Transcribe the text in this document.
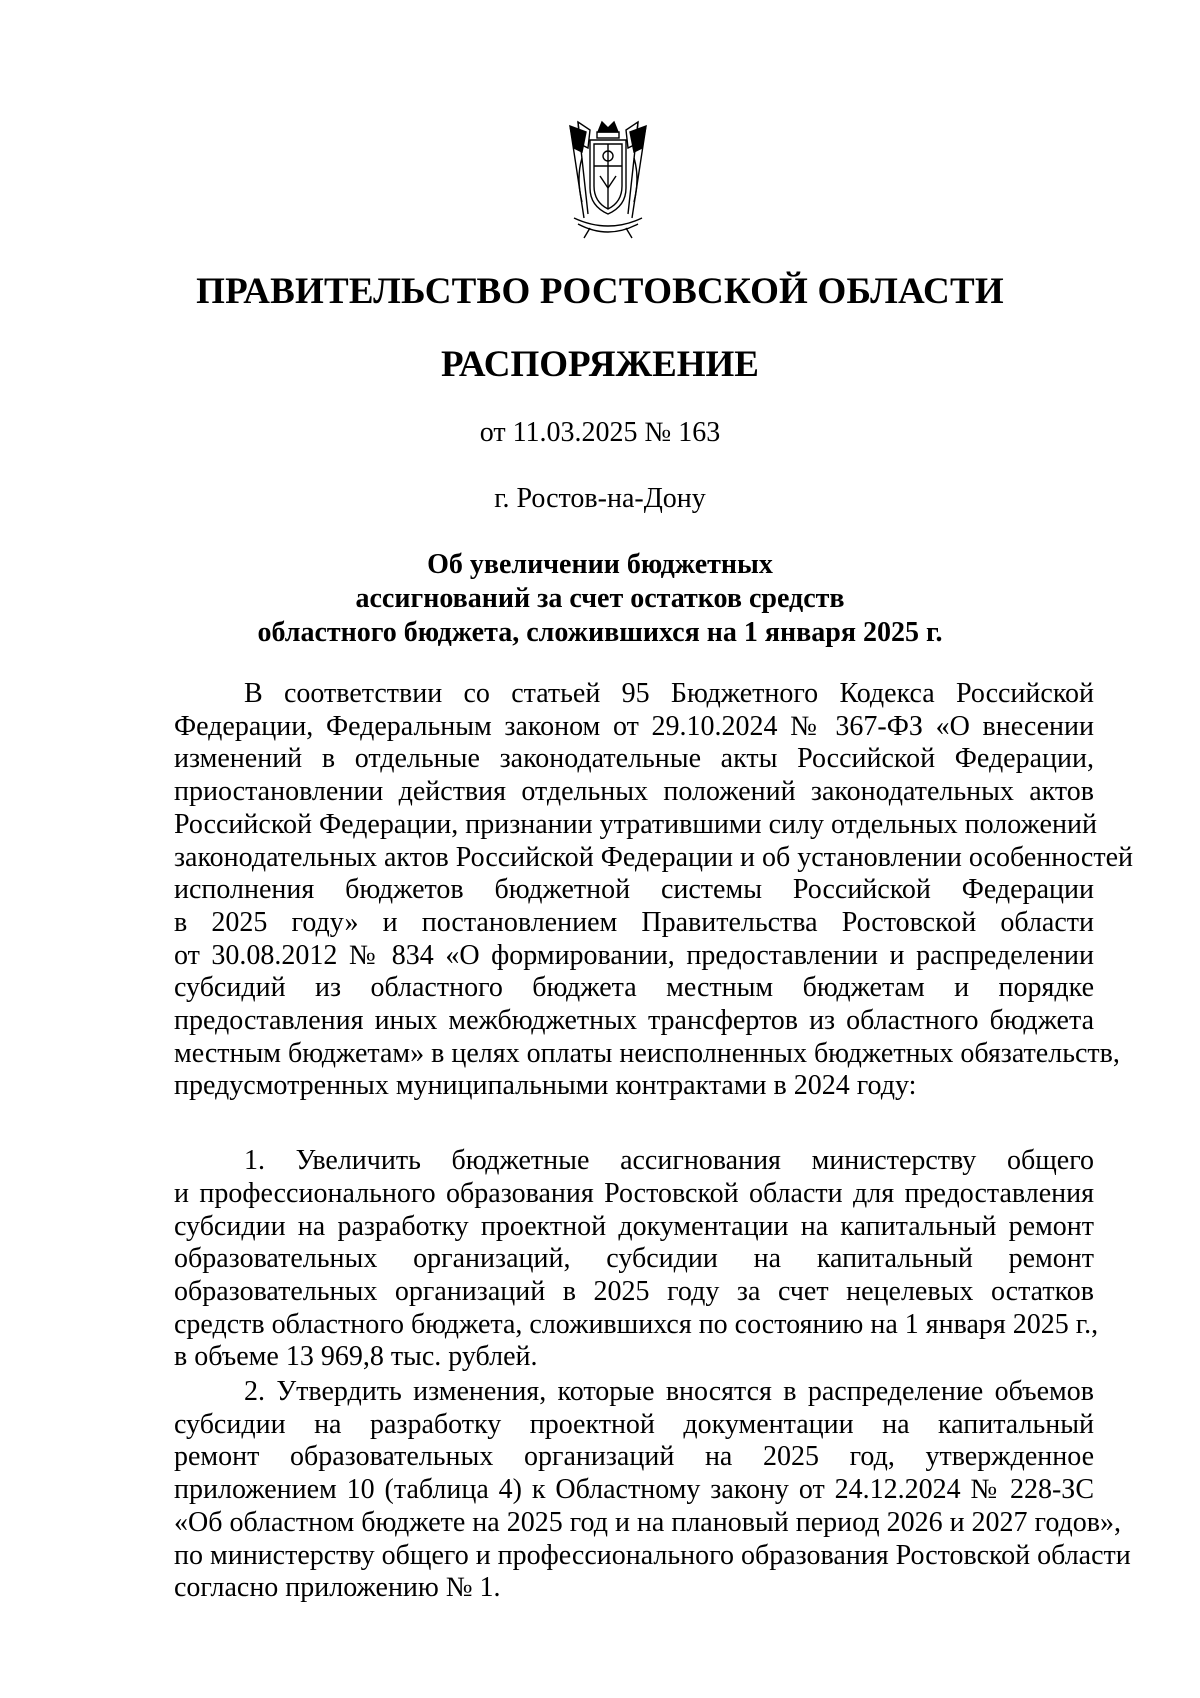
ПРАВИТЕЛЬСТВО РОСТОВСКОЙ ОБЛАСТИ
РАСПОРЯЖЕНИЕ
от 11.03.2025 № 163
г. Ростов-на-Дону
Об увеличении бюджетных
ассигнований за счет остатков средств
областного бюджета, сложившихся на 1 января 2025 г.
В соответствии со статьей 95 Бюджетного Кодекса Российской
Федерации, Федеральным законом от 29.10.2024 № 367-ФЗ «О внесении
изменений в отдельные законодательные акты Российской Федерации,
приостановлении действия отдельных положений законодательных актов
Российской Федерации, признании утратившими силу отдельных положений
законодательных актов Российской Федерации и об установлении особенностей
исполнения бюджетов бюджетной системы Российской Федерации
в 2025 году» и постановлением Правительства Ростовской области
от 30.08.2012 № 834 «О формировании, предоставлении и распределении
субсидий из областного бюджета местным бюджетам и порядке
предоставления иных межбюджетных трансфертов из областного бюджета
местным бюджетам» в целях оплаты неисполненных бюджетных обязательств,
предусмотренных муниципальными контрактами в 2024 году:
1. Увеличить бюджетные ассигнования министерству общего
и профессионального образования Ростовской области для предоставления
субсидии на разработку проектной документации на капитальный ремонт
образовательных организаций, субсидии на капитальный ремонт
образовательных организаций в 2025 году за счет нецелевых остатков
средств областного бюджета, сложившихся по состоянию на 1 января 2025 г.,
в объеме 13 969,8 тыс. рублей.
2. Утвердить изменения, которые вносятся в распределение объемов
субсидии на разработку проектной документации на капитальный
ремонт образовательных организаций на 2025 год, утвержденное
приложением 10 (таблица 4) к Областному закону от 24.12.2024 № 228-ЗС
«Об областном бюджете на 2025 год и на плановый период 2026 и 2027 годов»,
по министерству общего и профессионального образования Ростовской области
согласно приложению № 1.
